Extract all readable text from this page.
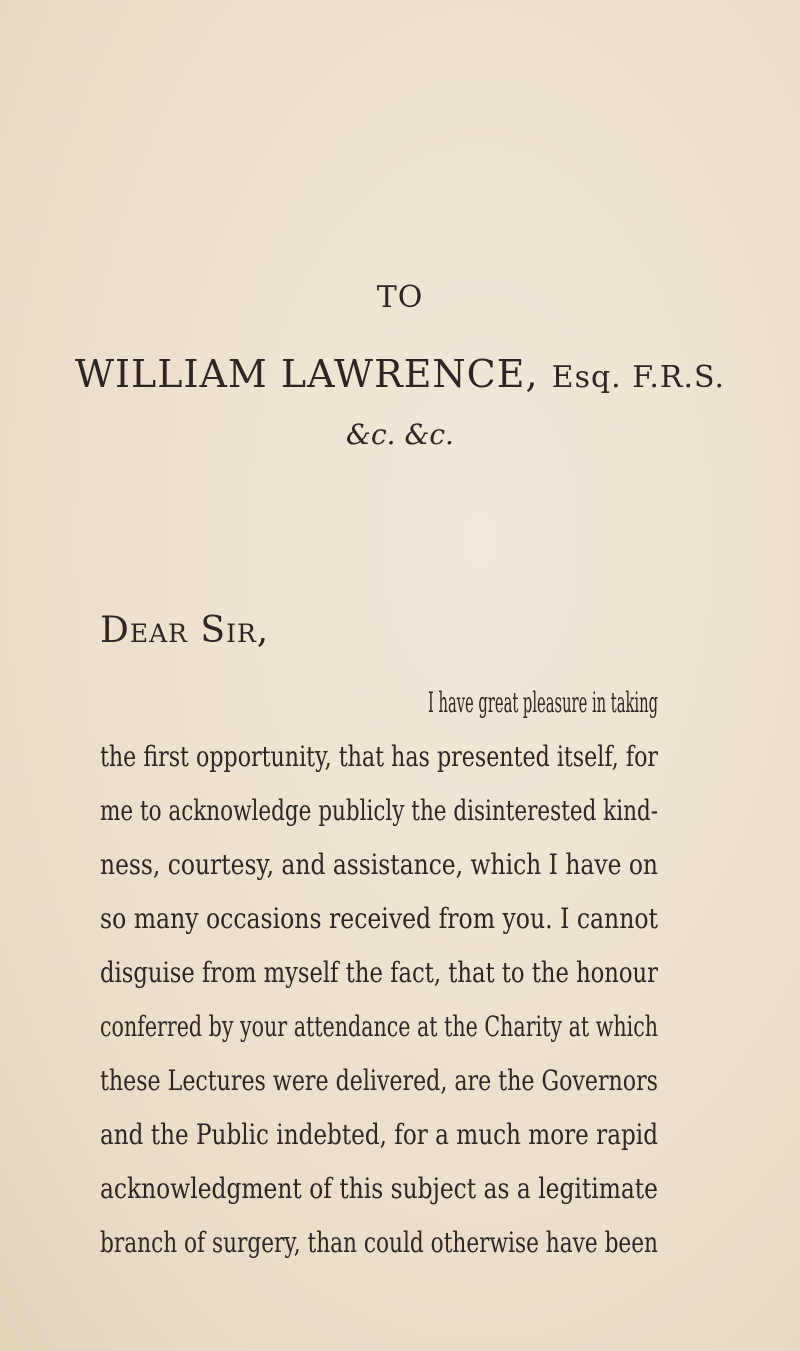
TO
WILLIAM LAWRENCE, Esq. F.R.S.
&c. &c.
Dear Sir,
I have great pleasure in taking
the first opportunity, that has presented itself, for
me to acknowledge publicly the disinterested kind-
ness, courtesy, and assistance, which I have on
so many occasions received from you. I cannot
disguise from myself the fact, that to the honour
conferred by your attendance at the Charity at which
these Lectures were delivered, are the Governors
and the Public indebted, for a much more rapid
acknowledgment of this subject as a legitimate
branch of surgery, than could otherwise have been
